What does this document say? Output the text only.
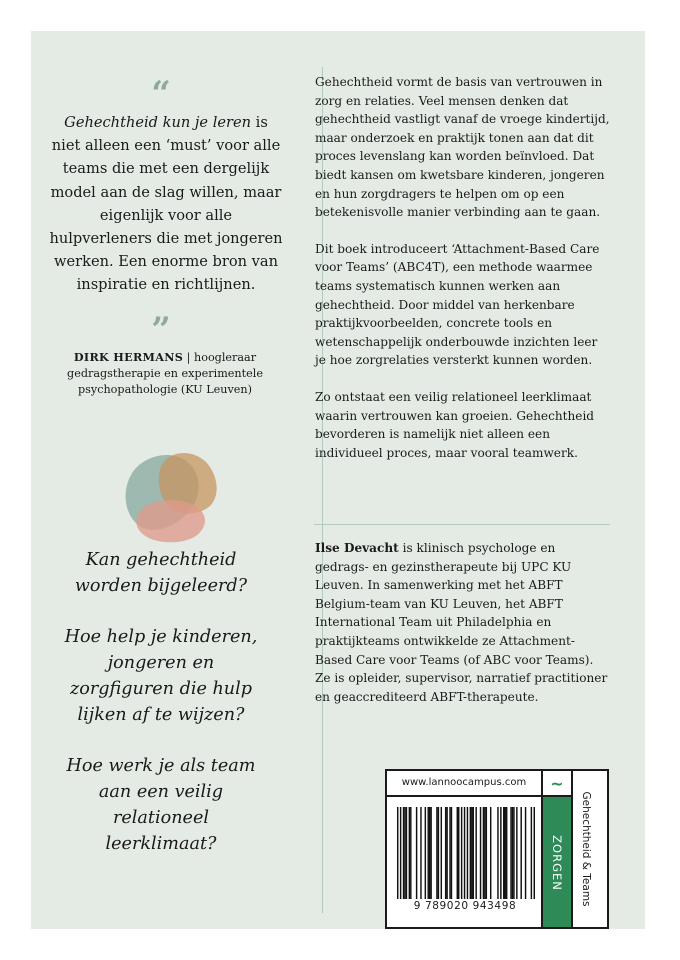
“
Gehechtheid kun je leren is niet alleen een ‘must’ voor alle teams die met een dergelijk model aan de slag willen, maar eigenlijk voor alle hulpverleners die met jongeren werken. Een enorme bron van inspiratie en richtlijnen.
”
DIRK HERMANS | hoogleraar gedragstherapie en experimentele psychopathologie (KU Leuven)

Kan gehechtheid worden bijgeleerd?

Hoe help je kinderen, jongeren en zorgfiguren die hulp lijken af te wijzen?

Hoe werk je als team aan een veilig relationeel leerklimaat?

Gehechtheid vormt de basis van vertrouwen in zorg en relaties. Veel mensen denken dat gehechtheid vastligt vanaf de vroege kindertijd, maar onderzoek en praktijk tonen aan dat dit proces levenslang kan worden beïnvloed. Dat biedt kansen om kwetsbare kinderen, jongeren en hun zorgdragers te helpen om op een betekenisvolle manier verbinding aan te gaan.

Dit boek introduceert ‘Attachment-Based Care voor Teams’ (ABC4T), een methode waarmee teams systematisch kunnen werken aan gehechtheid. Door middel van herkenbare praktijkvoorbeelden, concrete tools en wetenschappelijk onderbouwde inzichten leer je hoe zorgrelaties versterkt kunnen worden.

Zo ontstaat een veilig relationeel leerklimaat waarin vertrouwen kan groeien. Gehechtheid bevorderen is namelijk niet alleen een individueel proces, maar vooral teamwerk.

Ilse Devacht is klinisch psychologe en gedrags- en gezinstherapeute bij UPC KU Leuven. In samenwerking met het ABFT Belgium-team van KU Leuven, het ABFT International Team uit Philadelphia en praktijkteams ontwikkelde ze Attachment-Based Care voor Teams (of ABC voor Teams). Ze is opleider, supervisor, narratief practitioner en geaccrediteerd ABFT-therapeute.
www.lannoocampus.com
9 789020 943498
~
ZORGEN Gehechtheid & Teams
